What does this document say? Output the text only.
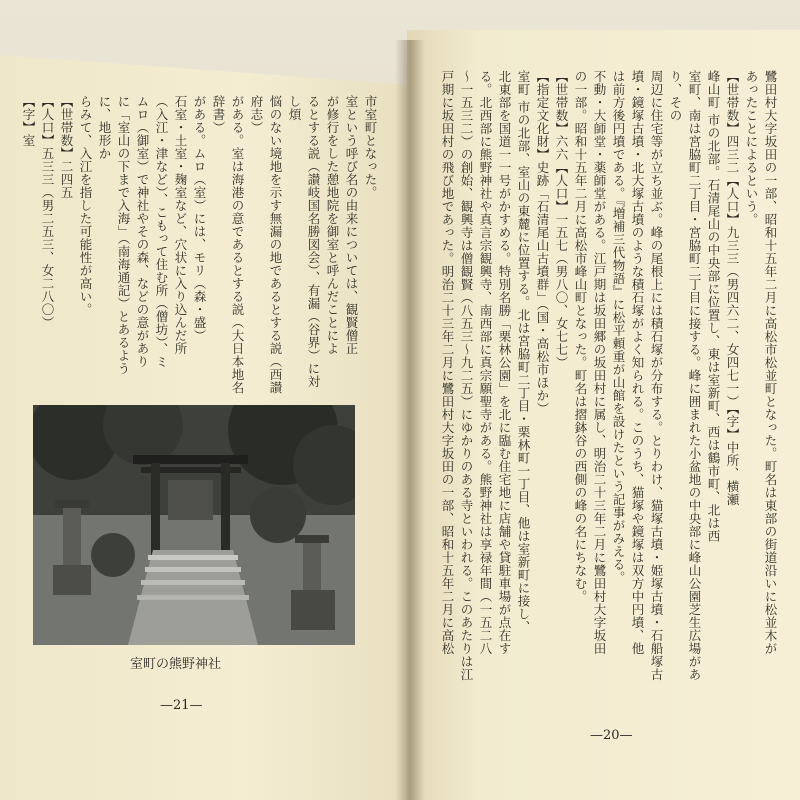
鷺田村大字坂田の一部、昭和十五年二月に高松市松並町となった。町名は東部の街道沿いに松並木が

あったことによるという。

【世帯数】四三二【人口】九三三（男四六二、女四七一）【字】中所、横瀬

峰山町 市の北部。石清尾山の中央部に位置し、東は室新町、西は鶴市町、北は西

室町、南は宮脇町二丁目・宮脇町二丁目に接する。峰に囲まれた小盆地の中央部に峰山公園芝生広場があり、その

周辺に住宅等が立ち並ぶ。峰の尾根上には積石塚が分布する。とりわけ、猫塚古墳・姫塚古墳・石船塚古

墳・鏡塚古墳・北大塚古墳のような積石塚がよく知られる。このうち、猫塚や鏡塚は双方中円墳、他

は前方後円墳である。『増補三代物語』に松平頼重が山館を設けたという記事がみえる。

不動・大師堂・薬師堂がある。江戸期は坂田郷の坂田村に属し、明治二十三年二月に鷺田村大字坂田

の一部。昭和十五年二月に高松市峰山町となった。町名は摺鉢谷の西側の峰の名にちなむ。

【世帯数】六六【人口】一五七（男八〇、女七七）

【指定文化財】史跡「石清尾山古墳群」（国・高松市ほか）

室町 市の北部、室山の東麓に位置する。北は宮脇町二丁目・栗林町一丁目、他は室新町に接し、

北東部を国道一一号がかすめる。特別名勝「栗林公園」を北に臨む住宅地に店舗や貸駐車場が点在す

る。北西部に熊野神社や真言宗観興寺、南西部に真宗願聖寺がある。熊野神社は享禄年間（一五二八

〜一五三二）の創始、観興寺は僧観賢（八五三〜九二五）にゆかりのある寺といわれる。このあたりは江

戸期に坂田村の飛び地であった。明治二十三年二月に鷺田村大字坂田の一部、昭和十五年二月に高松

市室町となった。

室という呼び名の由来については、観賢僧正

が修行をした憩地院を御室と呼んだことによ

るとする説（讃岐国名勝図会）、有漏（谷界）に対し煩

悩のない境地を示す無漏の地であるとする説（西讃府志）

がある。室は海港の意であるとする説（大日本地名辞書）

がある。ムロ（室）には、モリ（森・盛）

石室・土室・麹室など、穴状に入り込んだ所

（入江・津など）、こもって住む所（僧坊）、ミ

ムロ（御室）で神社やその森、などの意があり

に「室山の下まで入海」（南海通記）とあるように、地形か

らみて、入江を指した可能性が高い。

【世帯数】二四五

【人口】五三三（男二五三、女二八〇）

【字】室

室町の熊野神社
—21—
—20—
